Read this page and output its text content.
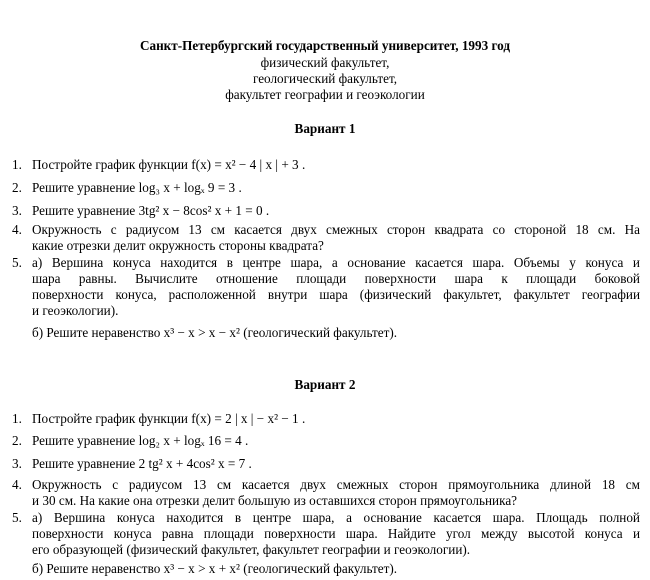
Санкт-Петербургский государственный университет, 1993 год
физический факультет,
геологический факультет,
факультет географии и геоэкологии
Вариант 1
1. Постройте график функции f(x) = x² − 4 | x | + 3 .
2. Решите уравнение log₃ x + logₓ 9 = 3 .
3. Решите уравнение 3tg² x − 8cos² x + 1 = 0 .
4. Окружность с радиусом 13 см касается двух смежных сторон квадрата со стороной 18 см. На
какие отрезки делит окружность стороны квадрата?
5. а) Вершина конуса находится в центре шара, а основание касается шара. Объемы у конуса и
шара равны. Вычислите отношение площади поверхности шара к площади боковой
поверхности конуса, расположенной внутри шара (физический факультет, факультет географии
и геоэкологии).
б) Решите неравенство x³ − x > x − x² (геологический факультет).
Вариант 2
1. Постройте график функции f(x) = 2 | x | − x² − 1 .
2. Решите уравнение log₂ x + logₓ 16 = 4 .
3. Решите уравнение 2 tg² x + 4cos² x = 7 .
4. Окружность с радиусом 13 см касается двух смежных сторон прямоугольника длиной 18 см
и 30 см. На какие она отрезки делит большую из оставшихся сторон прямоугольника?
5. а) Вершина конуса находится в центре шара, а основание касается шара. Площадь полной
поверхности конуса равна площади поверхности шара. Найдите угол между высотой конуса и
его образующей (физический факультет, факультет географии и геоэкологии).
б) Решите неравенство x³ − x > x + x² (геологический факультет).
